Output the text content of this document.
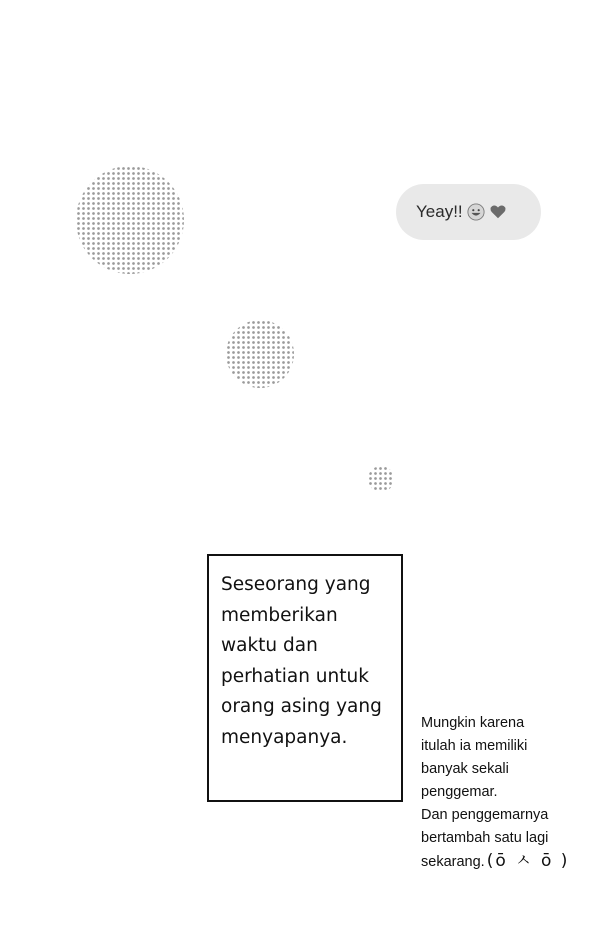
Yeay!!
Seseorang yang memberikan waktu dan perhatian untuk orang asing yang menyapanya.
Mungkin karena
itulah ia memiliki
banyak sekali
penggemar.
Dan penggemarnya
bertambah satu lagi
sekarang. (ō ㅅ ō )
